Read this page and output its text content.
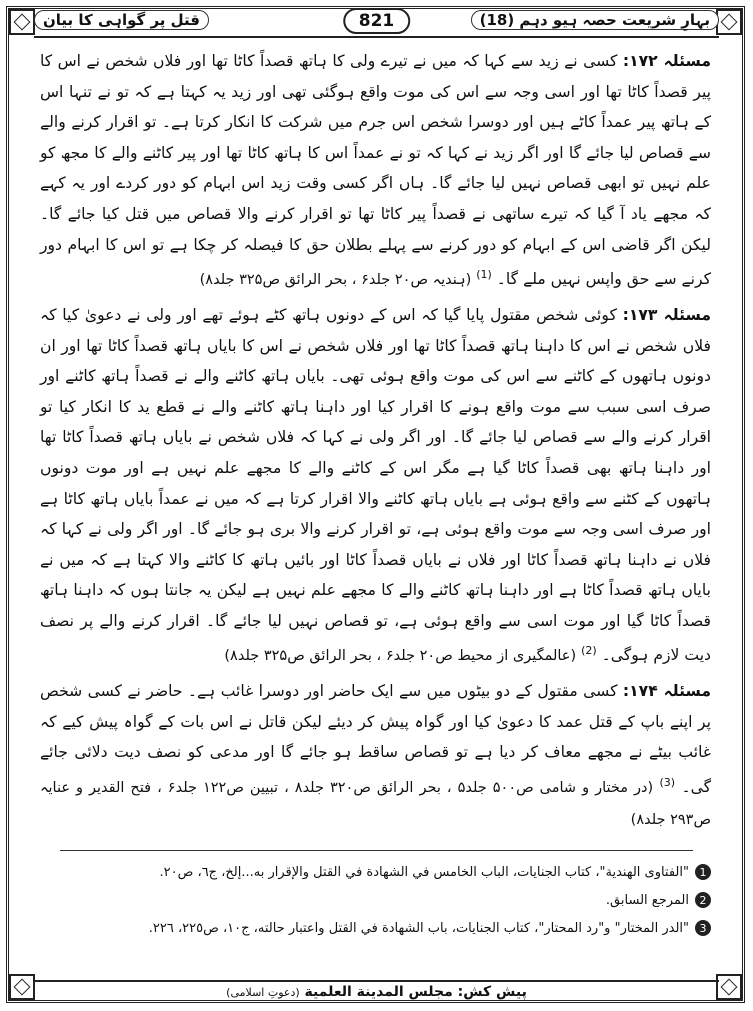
بہارِ شریعت حصہ ہیو دہم (18)
821
قتل پر گواہی کا بیان

مسئلہ ۱۷۲: کسی نے زید سے کہا کہ میں نے تیرے ولی کا ہاتھ قصداً کاٹا تھا اور فلاں شخص نے اس کا پیر قصداً کاٹا تھا اور اسی وجہ سے اس کی موت واقع ہوگئی تھی اور زید یہ کہتا ہے کہ تو نے تنہا اس کے ہاتھ پیر عمداً کاٹے ہیں اور دوسرا شخص اس جرم میں شرکت کا انکار کرتا ہے۔ تو اقرار کرنے والے سے قصاص لیا جائے گا اور اگر زید نے کہا کہ تو نے عمداً اس کا ہاتھ کاٹا تھا اور پیر کاٹنے والے کا مجھ کو علم نہیں تو ابھی قصاص نہیں لیا جائے گا۔ ہاں اگر کسی وقت زید اس ابہام کو دور کردے اور یہ کہے کہ مجھے یاد آ گیا کہ تیرے ساتھی نے قصداً پیر کاٹا تھا تو اقرار کرنے والا قصاص میں قتل کیا جائے گا۔ لیکن اگر قاضی اس کے ابہام کو دور کرنے سے پہلے بطلان حق کا فیصلہ کر چکا ہے تو اس کا ابہام دور کرنے سے حق واپس نہیں ملے گا۔ $^{(1)}$ (ہندیہ ص۲۰ جلد۶ ، بحر الرائق ص۳۲۵ جلد۸)

مسئلہ ۱۷۳: کوئی شخص مقتول پایا گیا کہ اس کے دونوں ہاتھ کٹے ہوئے تھے اور ولی نے دعویٰ کیا کہ فلاں شخص نے اس کا داہنا ہاتھ قصداً کاٹا تھا اور فلاں شخص نے اس کا بایاں ہاتھ قصداً کاٹا تھا اور ان دونوں ہاتھوں کے کاٹنے سے اس کی موت واقع ہوئی تھی۔ بایاں ہاتھ کاٹنے والے نے قصداً ہاتھ کاٹنے اور صرف اسی سبب سے موت واقع ہونے کا اقرار کیا اور داہنا ہاتھ کاٹنے والے نے قطع ید کا انکار کیا تو اقرار کرنے والے سے قصاص لیا جائے گا۔ اور اگر ولی نے کہا کہ فلاں شخص نے بایاں ہاتھ قصداً کاٹا تھا اور داہنا ہاتھ بھی قصداً کاٹا گیا ہے مگر اس کے کاٹنے والے کا مجھے علم نہیں ہے اور موت دونوں ہاتھوں کے کٹنے سے واقع ہوئی ہے بایاں ہاتھ کاٹنے والا اقرار کرتا ہے کہ میں نے عمداً بایاں ہاتھ کاٹا ہے اور صرف اسی وجہ سے موت واقع ہوئی ہے، تو اقرار کرنے والا بری ہو جائے گا۔ اور اگر ولی نے کہا کہ فلاں نے داہنا ہاتھ قصداً کاٹا اور فلاں نے بایاں قصداً کاٹا اور بائیں ہاتھ کا کاٹنے والا کہتا ہے کہ میں نے بایاں ہاتھ قصداً کاٹا ہے اور داہنا ہاتھ کاٹنے والے کا مجھے علم نہیں ہے لیکن یہ جانتا ہوں کہ داہنا ہاتھ قصداً کاٹا گیا اور موت اسی سے واقع ہوئی ہے، تو قصاص نہیں لیا جائے گا۔ اقرار کرنے والے پر نصف دیت لازم ہوگی۔ $^{(2)}$ (عالمگیری از محیط ص۲۰ جلد۶ ، بحر الرائق ص۳۲۵ جلد۸)

مسئلہ ۱۷۴: کسی مقتول کے دو بیٹوں میں سے ایک حاضر اور دوسرا غائب ہے۔ حاضر نے کسی شخص پر اپنے باپ کے قتل عمد کا دعویٰ کیا اور گواہ پیش کر دیئے لیکن قاتل نے اس بات کے گواہ پیش کیے کہ غائب بیٹے نے مجھے معاف کر دیا ہے تو قصاص ساقط ہو جائے گا اور مدعی کو نصف دیت دلائی جائے گی۔ $^{(3)}$ (در مختار و شامی ص۵۰۰ جلد۵ ، بحر الرائق ص۳۲۰ جلد۸ ، تبیین ص۱۲۲ جلد۶ ، فتح القدیر و عنایہ ص۲۹۳ جلد۸)

1
"الفتاوى الهندية"، كتاب الجنايات، الباب الخامس في الشهادة في القتل والإقرار به...إلخ، ج٦، ص٢٠.
2
المرجع السابق.
3
"الدر المختار" و"رد المحتار"، كتاب الجنايات، باب الشهادة في القتل واعتبار حالته، ج١٠، ص٢٢٥، ٢٢٦.
پیش کش: مجلس المدينة العلمية (دعوتِ اسلامی)
